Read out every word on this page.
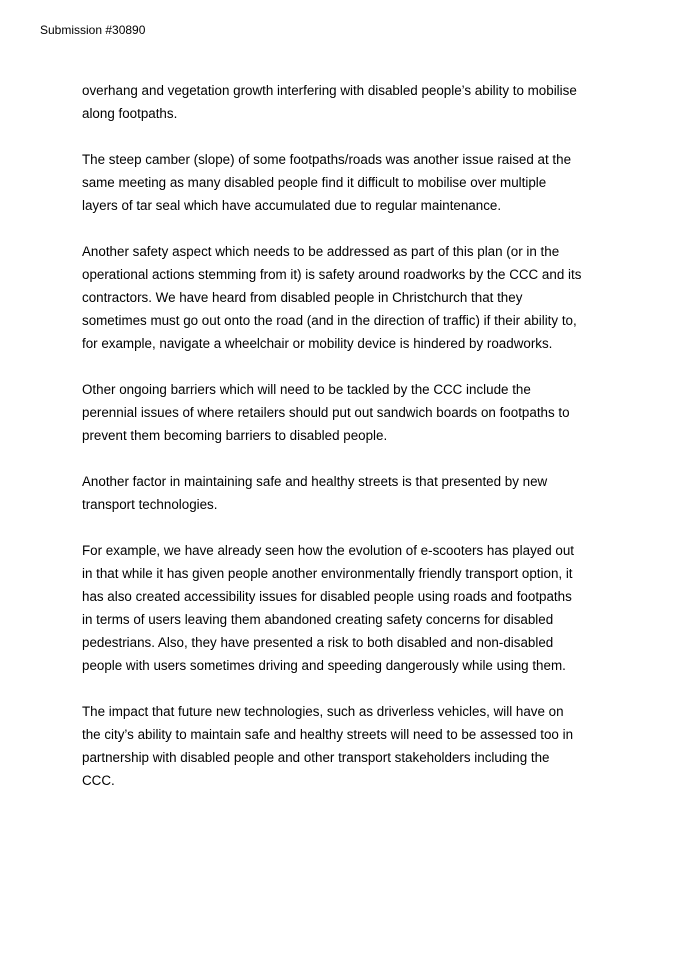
Submission #30890

overhang and vegetation growth interfering with disabled people’s ability to mobilise
along footpaths.

The steep camber (slope) of some footpaths/roads was another issue raised at the
same meeting as many disabled people find it difficult to mobilise over multiple
layers of tar seal which have accumulated due to regular maintenance.

Another safety aspect which needs to be addressed as part of this plan (or in the
operational actions stemming from it) is safety around roadworks by the CCC and its
contractors. We have heard from disabled people in Christchurch that they
sometimes must go out onto the road (and in the direction of traffic) if their ability to,
for example, navigate a wheelchair or mobility device is hindered by roadworks.

Other ongoing barriers which will need to be tackled by the CCC include the
perennial issues of where retailers should put out sandwich boards on footpaths to
prevent them becoming barriers to disabled people.

Another factor in maintaining safe and healthy streets is that presented by new
transport technologies.

For example, we have already seen how the evolution of e-scooters has played out
in that while it has given people another environmentally friendly transport option, it
has also created accessibility issues for disabled people using roads and footpaths
in terms of users leaving them abandoned creating safety concerns for disabled
pedestrians. Also, they have presented a risk to both disabled and non-disabled
people with users sometimes driving and speeding dangerously while using them.

The impact that future new technologies, such as driverless vehicles, will have on
the city’s ability to maintain safe and healthy streets will need to be assessed too in
partnership with disabled people and other transport stakeholders including the
CCC.
